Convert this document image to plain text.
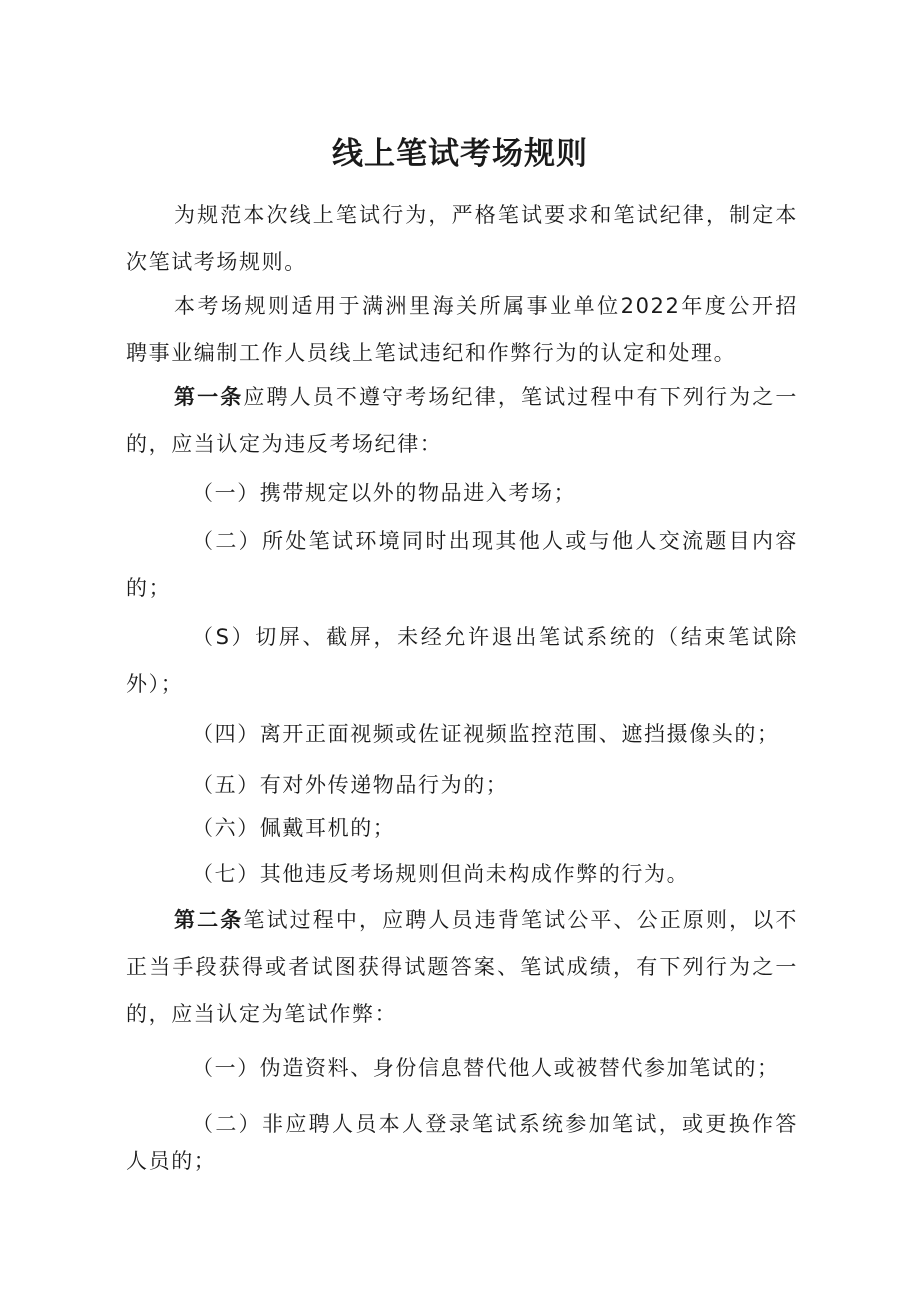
线上笔试考场规则

为规范本次线上笔试行为，严格笔试要求和笔试纪律，制定本次笔试考场规则。

本考场规则适用于满洲里海关所属事业单位2022年度公开招聘事业编制工作人员线上笔试违纪和作弊行为的认定和处理。

第一条应聘人员不遵守考场纪律，笔试过程中有下列行为之一的，应当认定为违反考场纪律：

（一）携带规定以外的物品进入考场；

（二）所处笔试环境同时出现其他人或与他人交流题目内容的；

（S）切屏、截屏，未经允许退出笔试系统的（结束笔试除外）；

（四）离开正面视频或佐证视频监控范围、遮挡摄像头的；

（五）有对外传递物品行为的；

（六）佩戴耳机的；

（七）其他违反考场规则但尚未构成作弊的行为。

第二条笔试过程中，应聘人员违背笔试公平、公正原则，以不正当手段获得或者试图获得试题答案、笔试成绩，有下列行为之一的，应当认定为笔试作弊：

（一）伪造资料、身份信息替代他人或被替代参加笔试的；

（二）非应聘人员本人登录笔试系统参加笔试，或更换作答人员的；
